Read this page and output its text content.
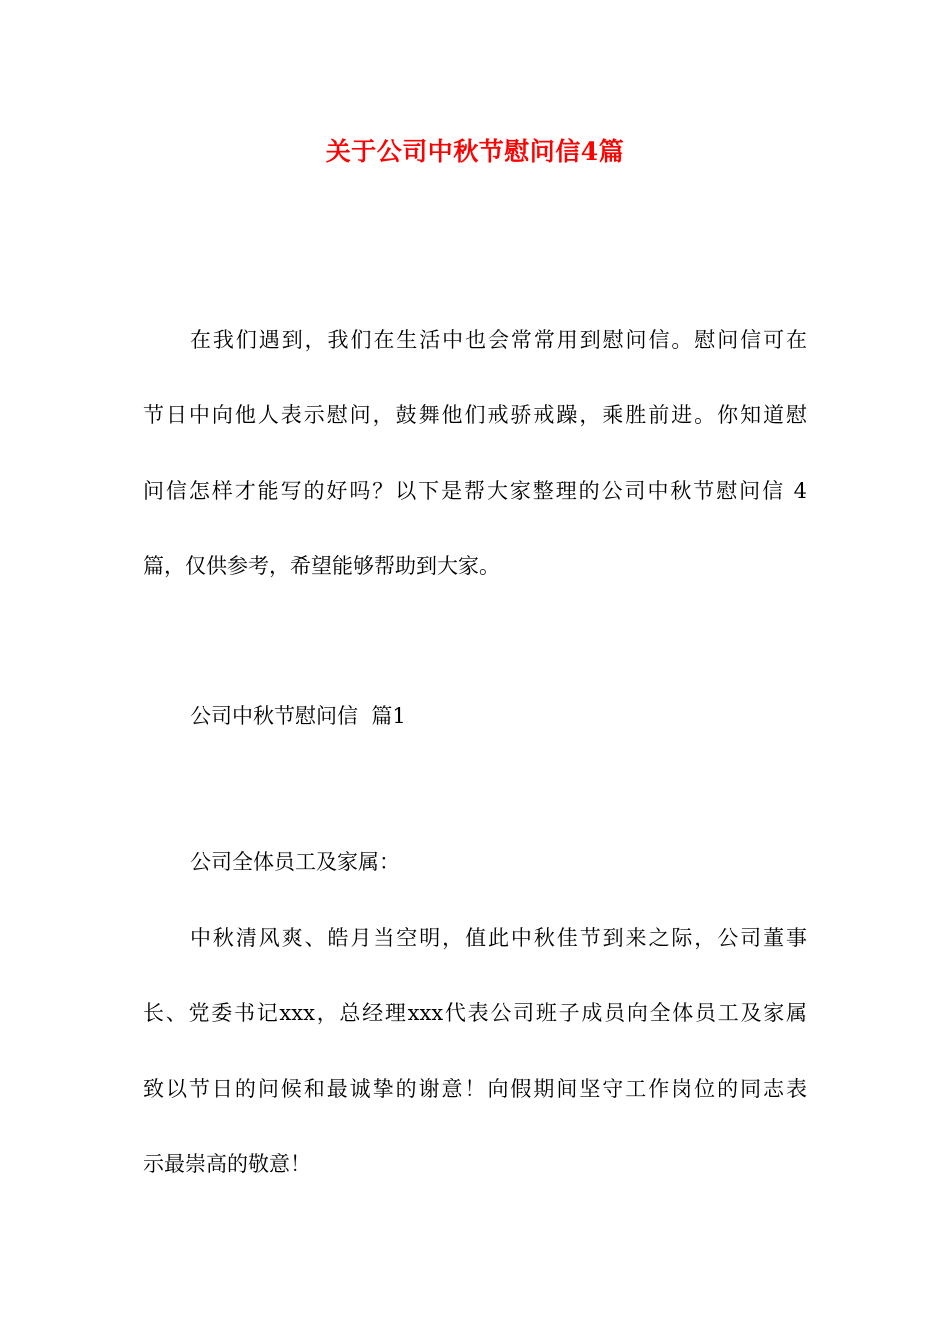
关于公司中秋节慰问信4篇
在我们遇到，我们在生活中也会常常用到慰问信。慰问信可在
节日中向他人表示慰问，鼓舞他们戒骄戒躁，乘胜前进。你知道慰
问信怎样才能写的好吗？以下是帮大家整理的公司中秋节慰问信 4
篇，仅供参考，希望能够帮助到大家。
公司中秋节慰问信  篇1
公司全体员工及家属：
中秋清风爽、皓月当空明，值此中秋佳节到来之际，公司董事
长、党委书记xxx，总经理xxx代表公司班子成员向全体员工及家属
致以节日的问候和最诚挚的谢意！向假期间坚守工作岗位的同志表
示最崇高的敬意！
